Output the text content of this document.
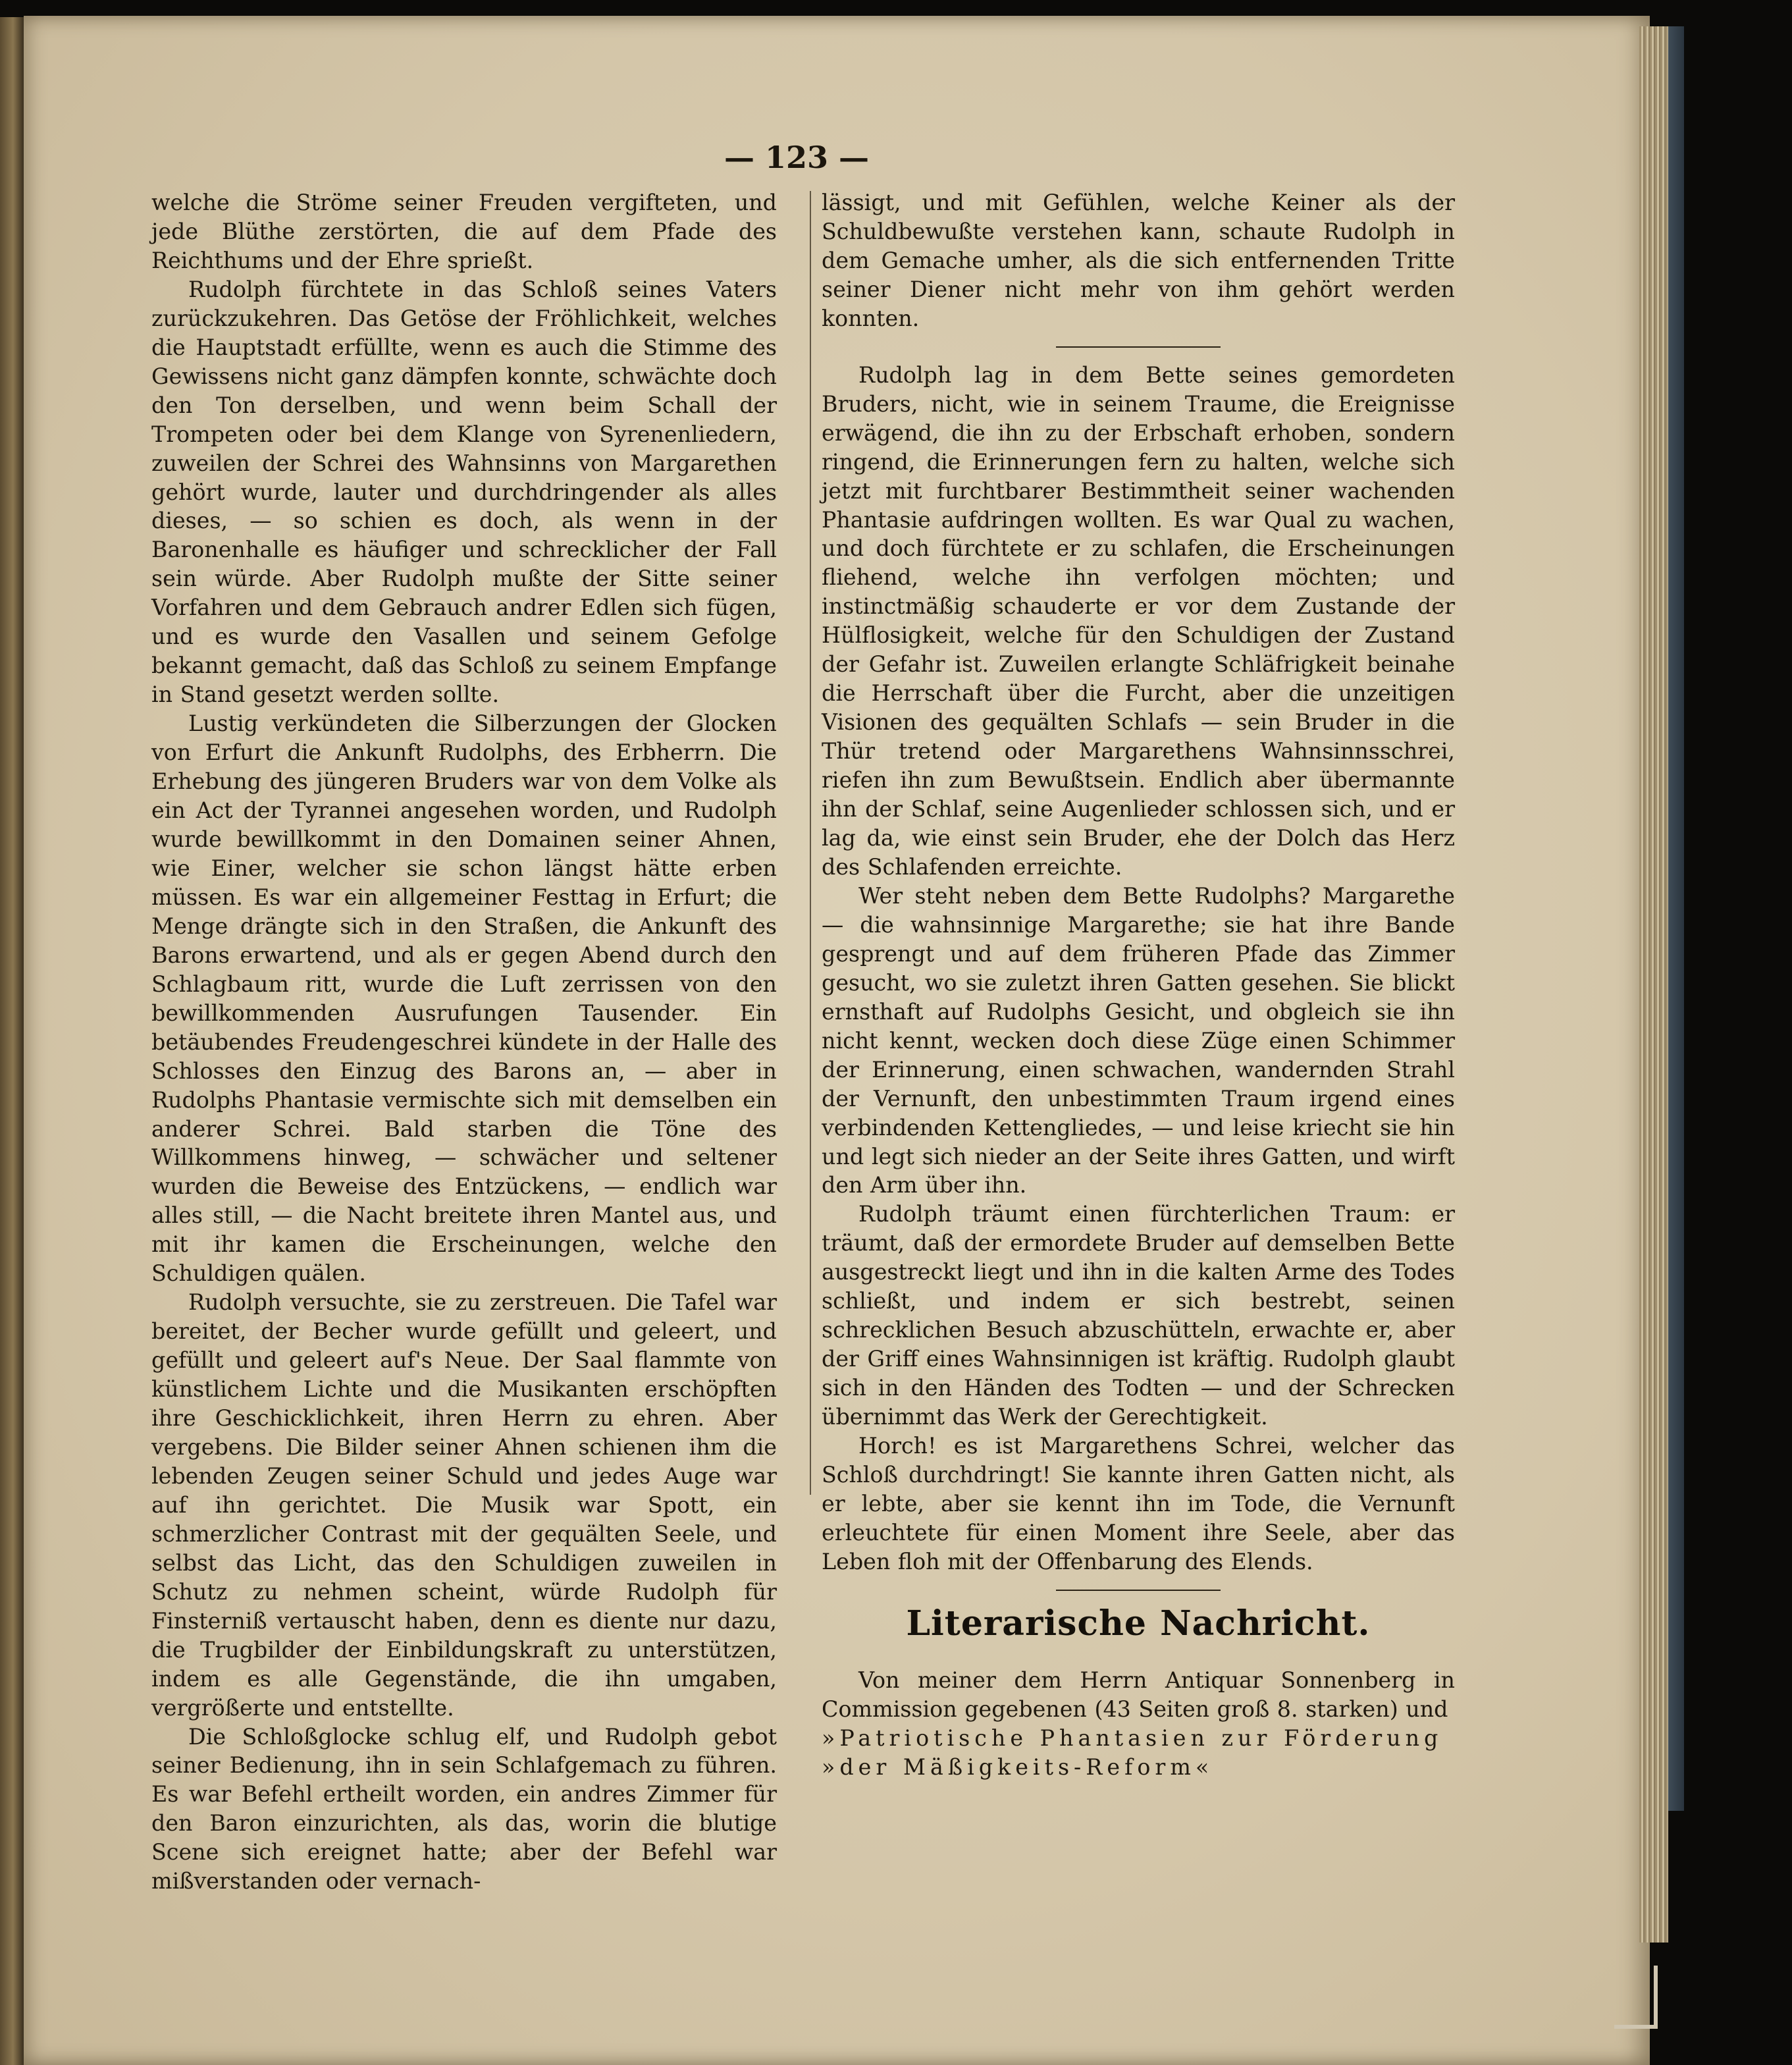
— 123 —

welche die Ströme seiner Freuden vergifteten, und jede Blüthe zerstörten, die auf dem Pfade des Reichthums und der Ehre sprießt.

Rudolph fürchtete in das Schloß seines Vaters zurückzukehren. Das Getöse der Fröhlichkeit, welches die Hauptstadt erfüllte, wenn es auch die Stimme des Gewissens nicht ganz dämpfen konnte, schwächte doch den Ton derselben, und wenn beim Schall der Trompeten oder bei dem Klange von Syrenenliedern, zuweilen der Schrei des Wahnsinns von Margarethen gehört wurde, lauter und durchdringender als alles dieses, — so schien es doch, als wenn in der Baronenhalle es häufiger und schrecklicher der Fall sein würde. Aber Rudolph mußte der Sitte seiner Vorfahren und dem Gebrauch andrer Edlen sich fügen, und es wurde den Vasallen und seinem Gefolge bekannt gemacht, daß das Schloß zu seinem Empfange in Stand gesetzt werden sollte.

Lustig verkündeten die Silberzungen der Glocken von Erfurt die Ankunft Rudolphs, des Erbherrn. Die Erhebung des jüngeren Bruders war von dem Volke als ein Act der Tyrannei angesehen worden, und Rudolph wurde bewillkommt in den Domainen seiner Ahnen, wie Einer, welcher sie schon längst hätte erben müssen. Es war ein allgemeiner Festtag in Erfurt; die Menge drängte sich in den Straßen, die Ankunft des Barons erwartend, und als er gegen Abend durch den Schlagbaum ritt, wurde die Luft zerrissen von den bewillkommenden Ausrufungen Tausender. Ein betäubendes Freudengeschrei kündete in der Halle des Schlosses den Einzug des Barons an, — aber in Rudolphs Phantasie vermischte sich mit demselben ein anderer Schrei. Bald starben die Töne des Willkommens hinweg, — schwächer und seltener wurden die Beweise des Entzückens, — endlich war alles still, — die Nacht breitete ihren Mantel aus, und mit ihr kamen die Erscheinungen, welche den Schuldigen quälen.

Rudolph versuchte, sie zu zerstreuen. Die Tafel war bereitet, der Becher wurde gefüllt und geleert, und gefüllt und geleert auf's Neue. Der Saal flammte von künstlichem Lichte und die Musikanten erschöpften ihre Geschicklichkeit, ihren Herrn zu ehren. Aber vergebens. Die Bilder seiner Ahnen schienen ihm die lebenden Zeugen seiner Schuld und jedes Auge war auf ihn gerichtet. Die Musik war Spott, ein schmerzlicher Contrast mit der gequälten Seele, und selbst das Licht, das den Schuldigen zuweilen in Schutz zu nehmen scheint, würde Rudolph für Finsterniß vertauscht haben, denn es diente nur dazu, die Trugbilder der Einbildungskraft zu unterstützen, indem es alle Gegenstände, die ihn umgaben, vergrößerte und entstellte.

Die Schloßglocke schlug elf, und Rudolph gebot seiner Bedienung, ihn in sein Schlafgemach zu führen. Es war Befehl ertheilt worden, ein andres Zimmer für den Baron einzurichten, als das, worin die blutige Scene sich ereignet hatte; aber der Befehl war mißverstanden oder vernach-

lässigt, und mit Gefühlen, welche Keiner als der Schuldbewußte verstehen kann, schaute Rudolph in dem Gemache umher, als die sich entfernenden Tritte seiner Diener nicht mehr von ihm gehört werden konnten.

Rudolph lag in dem Bette seines gemordeten Bruders, nicht, wie in seinem Traume, die Ereignisse erwägend, die ihn zu der Erbschaft erhoben, sondern ringend, die Erinnerungen fern zu halten, welche sich jetzt mit furchtbarer Bestimmtheit seiner wachenden Phantasie aufdringen wollten. Es war Qual zu wachen, und doch fürchtete er zu schlafen, die Erscheinungen fliehend, welche ihn verfolgen möchten; und instinctmäßig schauderte er vor dem Zustande der Hülflosigkeit, welche für den Schuldigen der Zustand der Gefahr ist. Zuweilen erlangte Schläfrigkeit beinahe die Herrschaft über die Furcht, aber die unzeitigen Visionen des gequälten Schlafs — sein Bruder in die Thür tretend oder Margarethens Wahnsinnsschrei, riefen ihn zum Bewußtsein. Endlich aber übermannte ihn der Schlaf, seine Augenlieder schlossen sich, und er lag da, wie einst sein Bruder, ehe der Dolch das Herz des Schlafenden erreichte.

Wer steht neben dem Bette Rudolphs? Margarethe — die wahnsinnige Margarethe; sie hat ihre Bande gesprengt und auf dem früheren Pfade das Zimmer gesucht, wo sie zuletzt ihren Gatten gesehen. Sie blickt ernsthaft auf Rudolphs Gesicht, und obgleich sie ihn nicht kennt, wecken doch diese Züge einen Schimmer der Erinnerung, einen schwachen, wandernden Strahl der Vernunft, den unbestimmten Traum irgend eines verbindenden Kettengliedes, — und leise kriecht sie hin und legt sich nieder an der Seite ihres Gatten, und wirft den Arm über ihn.

Rudolph träumt einen fürchterlichen Traum: er träumt, daß der ermordete Bruder auf demselben Bette ausgestreckt liegt und ihn in die kalten Arme des Todes schließt, und indem er sich bestrebt, seinen schrecklichen Besuch abzuschütteln, erwachte er, aber der Griff eines Wahnsinnigen ist kräftig. Rudolph glaubt sich in den Händen des Todten — und der Schrecken übernimmt das Werk der Gerechtigkeit.

Horch! es ist Margarethens Schrei, welcher das Schloß durchdringt! Sie kannte ihren Gatten nicht, als er lebte, aber sie kennt ihn im Tode, die Vernunft erleuchtete für einen Moment ihre Seele, aber das Leben floh mit der Offenbarung des Elends.

Literarische Nachricht.

Von meiner dem Herrn Antiquar Sonnenberg in Commission gegebenen (43 Seiten groß 8. starken) und

»Patriotische Phantasien zur Förderung

»der Mäßigkeits-Reform«
